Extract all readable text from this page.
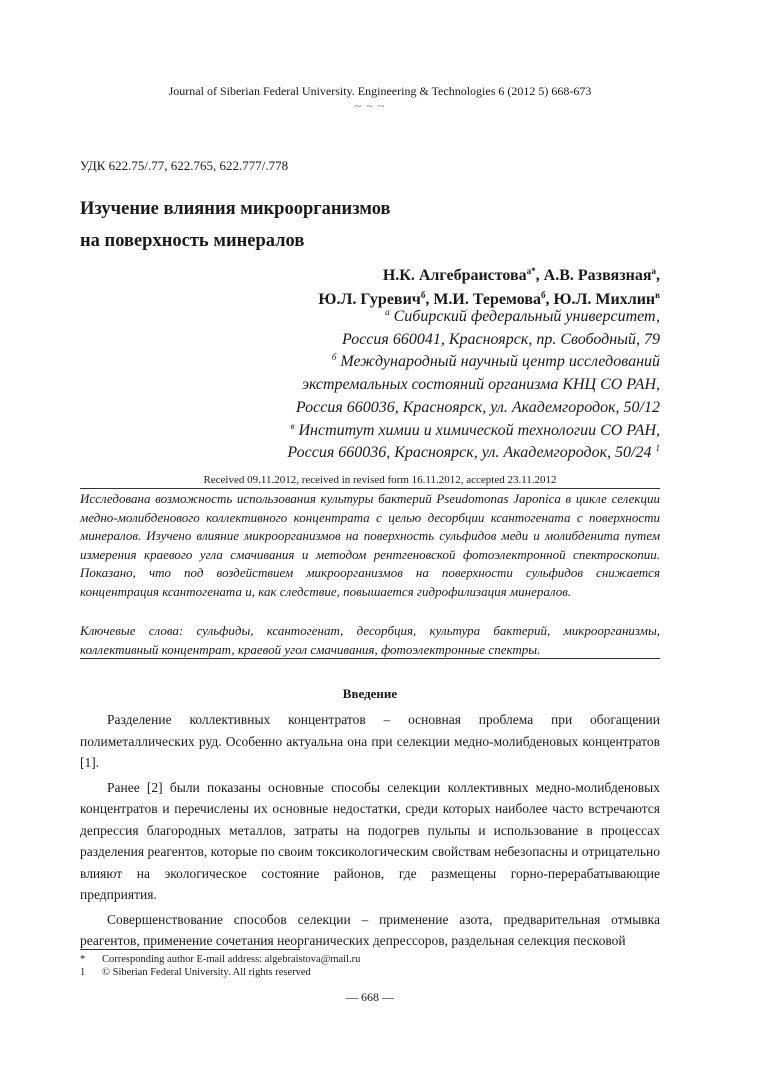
Journal of Siberian Federal University. Engineering & Technologies 6 (2012 5) 668-673
~ ~ ~
УДК 622.75/.77, 622.765, 622.777/.778
Изучение влияния микроорганизмов
на поверхность минералов
Н.К. Алгебраистова$^{а*}$, А.В. Развязная$^а$,
Ю.Л. Гуревич$^б$, М.И. Теремова$^б$, Ю.Л. Михлин$^в$
$^а$ Сибирский федеральный университет,
Россия 660041, Красноярск, пр. Свободный, 79
$^б$ Международный научный центр исследований
экстремальных состояний организма КНЦ СО РАН,
Россия 660036, Красноярск, ул. Академгородок, 50/12
$^в$ Институт химии и химической технологии СО РАН,
Россия 660036, Красноярск, ул. Академгородок, 50/24 $^1$
Received 09.11.2012, received in revised form 16.11.2012, accepted 23.11.2012

Исследована возможность использования культуры бактерий Pseudomonas Japonica в цикле селекции медно-молибденового коллективного концентрата с целью десорбции ксантогената с поверхности минералов. Изучено влияние микроорганизмов на поверхность сульфидов меди и молибденита путем измерения краевого угла смачивания и методом рентгеновской фотоэлектронной спектроскопии. Показано, что под воздействием микроорганизмов на поверхности сульфидов снижается концентрация ксантогената и, как следствие, повышается гидрофилизация минералов.

Ключевые слова: сульфиды, ксантогенат, десорбция, культура бактерий, микроорганизмы, коллективный концентрат, краевой угол смачивания, фотоэлектронные спектры.

Введение

Разделение коллективных концентратов – основная проблема при обогащении полиметаллических руд. Особенно актуальна она при селекции медно-молибденовых концентратов [1].

Ранее [2] были показаны основные способы селекции коллективных медно-молибденовых концентратов и перечислены их основные недостатки, среди которых наиболее часто встречаются депрессия благородных металлов, затраты на подогрев пульпы и использование в процессах разделения реагентов, которые по своим токсикологическим свойствам небезопасны и отрицательно влияют на экологическое состояние районов, где размещены горно-перерабатывающие предприятия.

Совершенствование способов селекции – применение азота, предварительная отмывка реагентов, применение сочетания неорганических депрессоров, раздельная селекция песковой

* Corresponding author E-mail address: algebraistova@mail.ru
1 © Siberian Federal University. All rights reserved
— 668 —
